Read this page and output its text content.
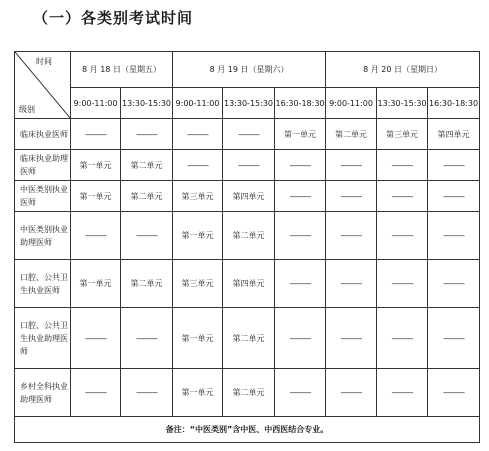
（一）各类别考试时间
时间
级别	8 月 18 日（星期五）		8 月 19 日（星期六）			8 月 20 日（星期日）		
	9:00-11:00	13:30-15:30	9:00-11:00	13:30-15:30	16:30-18:30	9:00-11:00	13:30-15:30	16:30-18:30
临床执业医师	———	———	———	———	第一单元	第二单元	第三单元	第四单元
临床执业助理医师	第一单元	第二单元	———	———	———	———	———	———
中医类别执业医师	第一单元	第二单元	第三单元	第四单元	———	———	———	———
中医类别执业助理医师	———	———	第一单元	第二单元	———	———	———	———
口腔、公共卫生执业医师	第一单元	第二单元	第三单元	第四单元	———	———	———	———
口腔、公共卫生执业助理医师	———	———	第一单元	第二单元	———	———	———	———
乡村全科执业助理医师	———	———	第一单元	第二单元	———	———	———	———
备注：“中医类别”含中医、中西医结合专业。								
